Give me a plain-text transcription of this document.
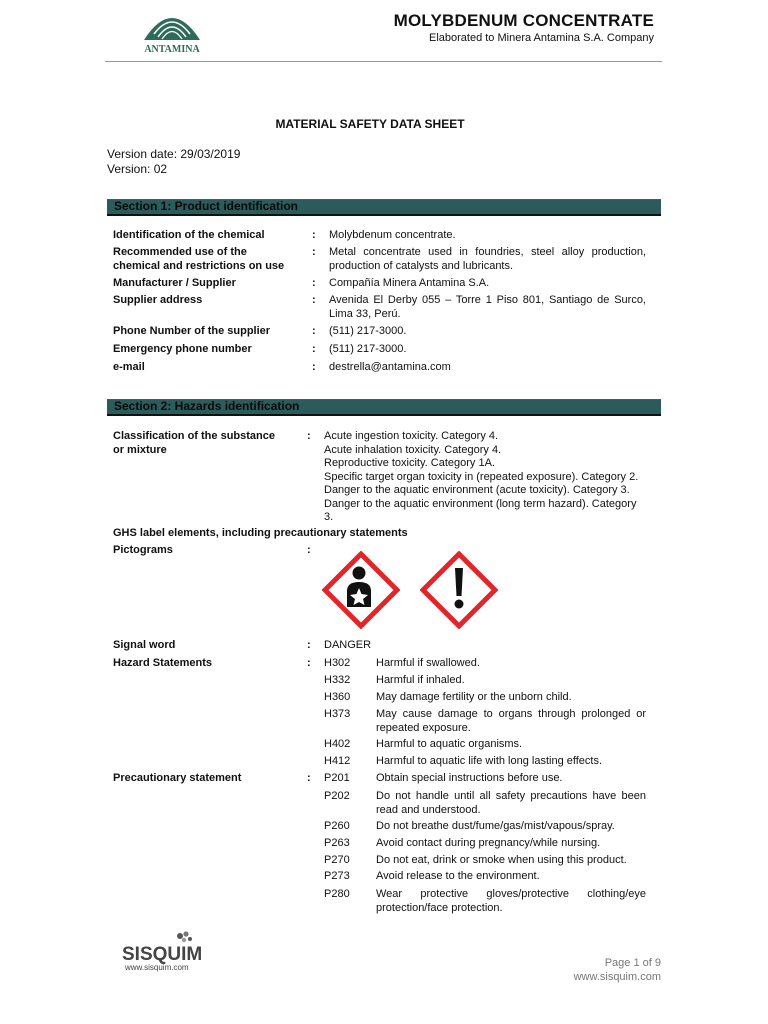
ANTAMINA
MOLYBDENUM CONCENTRATE
Elaborated to Minera Antamina S.A. Company
MATERIAL SAFETY DATA SHEET
Version date: 29/03/2019
Version: 02
Section 1: Product identification
Identification of the chemical	: Molybdenum concentrate.
Recommended use of the
chemical and restrictions on use
: Metal concentrate used in foundries, steel alloy production,
production of catalysts and lubricants.
Manufacturer / Supplier	: Compañía Minera Antamina S.A.
Supplier address	: Avenida El Derby 055 – Torre 1 Piso 801, Santiago de Surco,
Lima 33, Perú.
Phone Number of the supplier	: (511) 217-3000.
Emergency phone number	: (511) 217-3000.
e-mail	: destrella@antamina.com
Section 2: Hazards identification
Classification of the substance
or mixture
: Acute ingestion toxicity. Category 4.
Acute inhalation toxicity. Category 4.
Reproductive toxicity. Category 1A.
Specific target organ toxicity in (repeated exposure). Category 2.
Danger to the aquatic environment (acute toxicity). Category 3.
Danger to the aquatic environment (long term hazard). Category
3.
GHS label elements, including precautionary statements
Pictograms	:
Signal word	: DANGER
Hazard Statements	: H302 Harmful if swallowed.
H332 Harmful if inhaled.
H360 May damage fertility or the unborn child.
H373 May cause damage to organs through prolonged or
repeated exposure.
H402 Harmful to aquatic organisms.
H412 Harmful to aquatic life with long lasting effects.
Precautionary statement	: P201 Obtain special instructions before use.
P202 Do not handle until all safety precautions have been
read and understood.
P260 Do not breathe dust/fume/gas/mist/vapous/spray.
P263 Avoid contact during pregnancy/while nursing.
P270 Do not eat, drink or smoke when using this product.
P273 Avoid release to the environment.
P280 Wear protective gloves/protective clothing/eye
protection/face protection.
SISQUIM
www.sisquim.com	Page 1 of 9
www.sisquim.com
